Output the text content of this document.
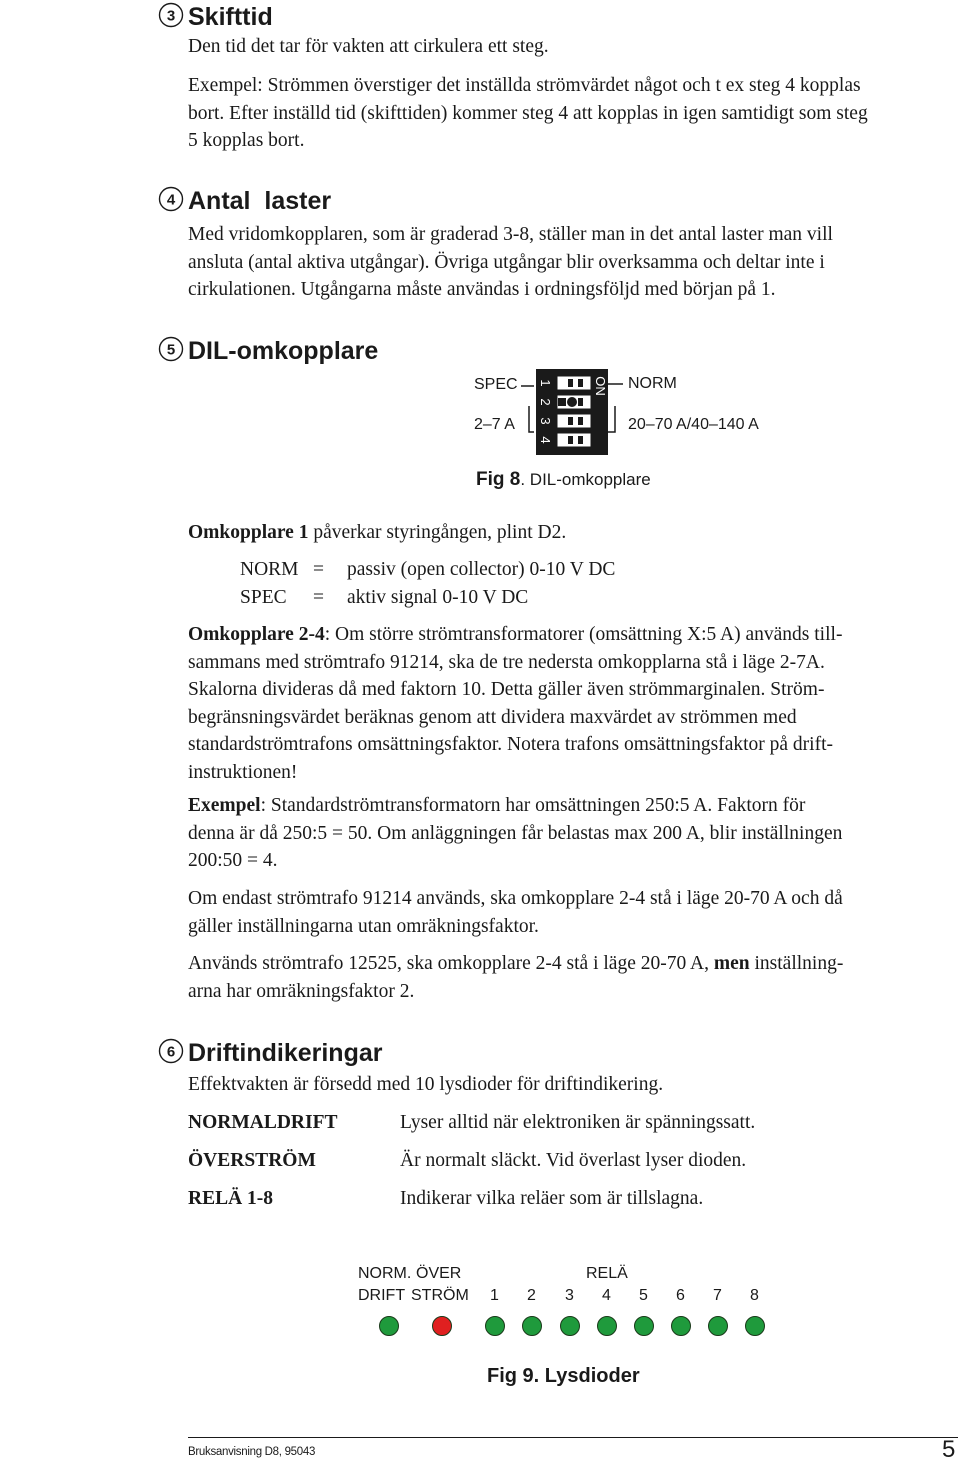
3 Skifttid

Den tid det tar för vakten att cirkulera ett steg.

Exempel: Strömmen överstiger det inställda strömvärdet något och t ex steg 4 kopplas
bort. Efter inställd tid (skifttiden) kommer steg 4 att kopplas in igen samtidigt som steg
5 kopplas bort.

4 Antal  laster

Med vridomkopplaren, som är graderad 3-8, ställer man in det antal laster man vill
ansluta (antal aktiva utgångar). Övriga utgångar blir overksamma och deltar inte i
cirkulationen. Utgångarna måste användas i ordningsföljd med början på 1.

5 DIL-omkopplare
SPEC
2–7 A
NORM
20–70 A/40–140 A
1
2
3
4
ON
Fig 8. DIL-omkopplare

Omkopplare 1 påverkar styringången, plint D2.

NORM = passiv (open collector) 0-10 V DC
SPEC = aktiv signal 0-10 V DC

Omkopplare 2-4: Om större strömtransformatorer (omsättning X:5 A) används till-
sammans med strömtrafo 91214, ska de tre nedersta omkopplarna stå i läge 2-7A.
Skalorna divideras då med faktorn 10. Detta gäller även strömmarginalen. Ström-
begränsningsvärdet beräknas genom att dividera maxvärdet av strömmen med
standardströmtrafons omsättningsfaktor. Notera trafons omsättningsfaktor på drift-
instruktionen!

Exempel: Standardströmtransformatorn har omsättningen 250:5 A. Faktorn för
denna är då 250:5 = 50. Om anläggningen får belastas max 200 A, blir inställningen
200:50 = 4.

Om endast strömtrafo 91214 används, ska omkopplare 2-4 stå i läge 20-70 A och då
gäller inställningarna utan omräkningsfaktor.

Används strömtrafo 12525, ska omkopplare 2-4 stå i läge 20-70 A, men inställning-
arna har omräkningsfaktor 2.

6 Driftindikeringar

Effektvakten är försedd med 10 lysdioder för driftindikering.

NORMALDRIFT	Lyser alltid när elektroniken är spänningssatt.
ÖVERSTRÖM	Är normalt släckt. Vid överlast lyser dioden.
RELÄ 1-8	Indikerar vilka reläer som är tillslagna.
NORM. ÖVER	RELÄ
DRIFT STRÖM 1 2 3 4 5 6 7 8
Fig 9. Lysdioder
Bruksanvisning D8, 95043	5
